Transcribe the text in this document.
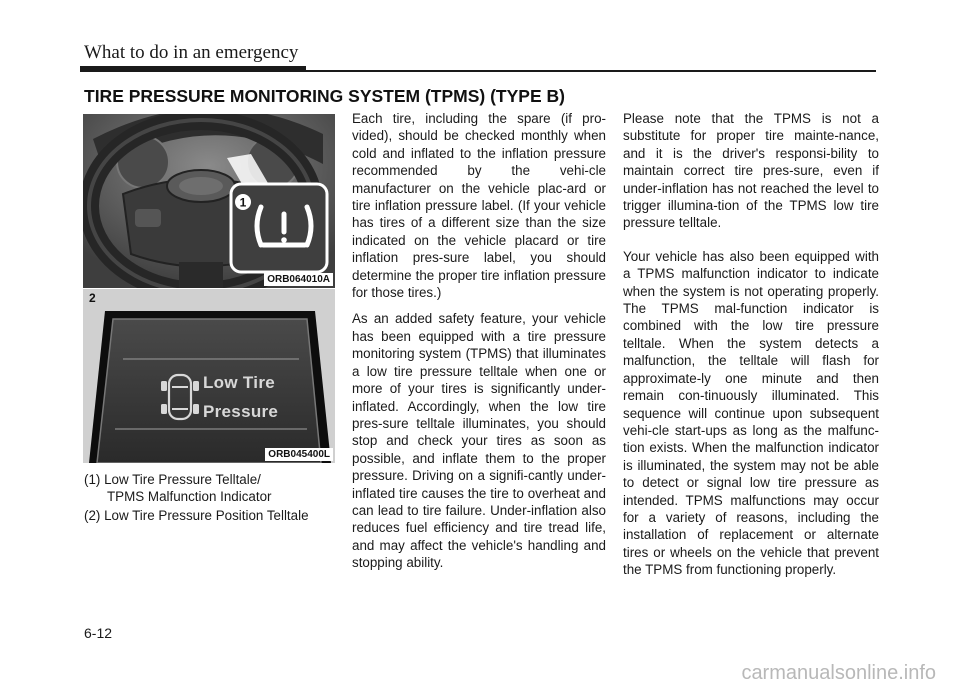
What to do in an emergency
TIRE PRESSURE MONITORING SYSTEM (TPMS) (TYPE B)
1
ORB064010A
2
Low Tire
Pressure
ORB045400L
(1) Low Tire Pressure Telltale/
TPMS Malfunction Indicator
(2) Low Tire Pressure Position Telltale

Each tire, including the spare (if pro-vided), should be checked monthly when cold and inflated to the inflation pressure recommended by the vehi-cle manufacturer on the vehicle plac-ard or tire inflation pressure label. (If your vehicle has tires of a different size than the size indicated on the vehicle placard or tire inflation pres-sure label, you should determine the proper tire inflation pressure for those tires.)

As an added safety feature, your vehicle has been equipped with a tire pressure monitoring system (TPMS) that illuminates a low tire pressure telltale when one or more of your tires is significantly under-inflated. Accordingly, when the low tire pres-sure telltale illuminates, you should stop and check your tires as soon as possible, and inflate them to the proper pressure. Driving on a signifi-cantly under-inflated tire causes the tire to overheat and can lead to tire failure. Under-inflation also reduces fuel efficiency and tire tread life, and may affect the vehicle's handling and stopping ability.

Please note that the TPMS is not a substitute for proper tire mainte-nance, and it is the driver's responsi-bility to maintain correct tire pres-sure, even if under-inflation has not reached the level to trigger illumina-tion of the TPMS low tire pressure telltale.

Your vehicle has also been equipped with a TPMS malfunction indicator to indicate when the system is not operating properly. The TPMS mal-function indicator is combined with the low tire pressure telltale. When the system detects a malfunction, the telltale will flash for approximate-ly one minute and then remain con-tinuously illuminated. This sequence will continue upon subsequent vehi-cle start-ups as long as the malfunc-tion exists. When the malfunction indicator is illuminated, the system may not be able to detect or signal low tire pressure as intended. TPMS malfunctions may occur for a variety of reasons, including the installation of replacement or alternate tires or wheels on the vehicle that prevent the TPMS from functioning properly.

6-12
carmanualsonline.info
